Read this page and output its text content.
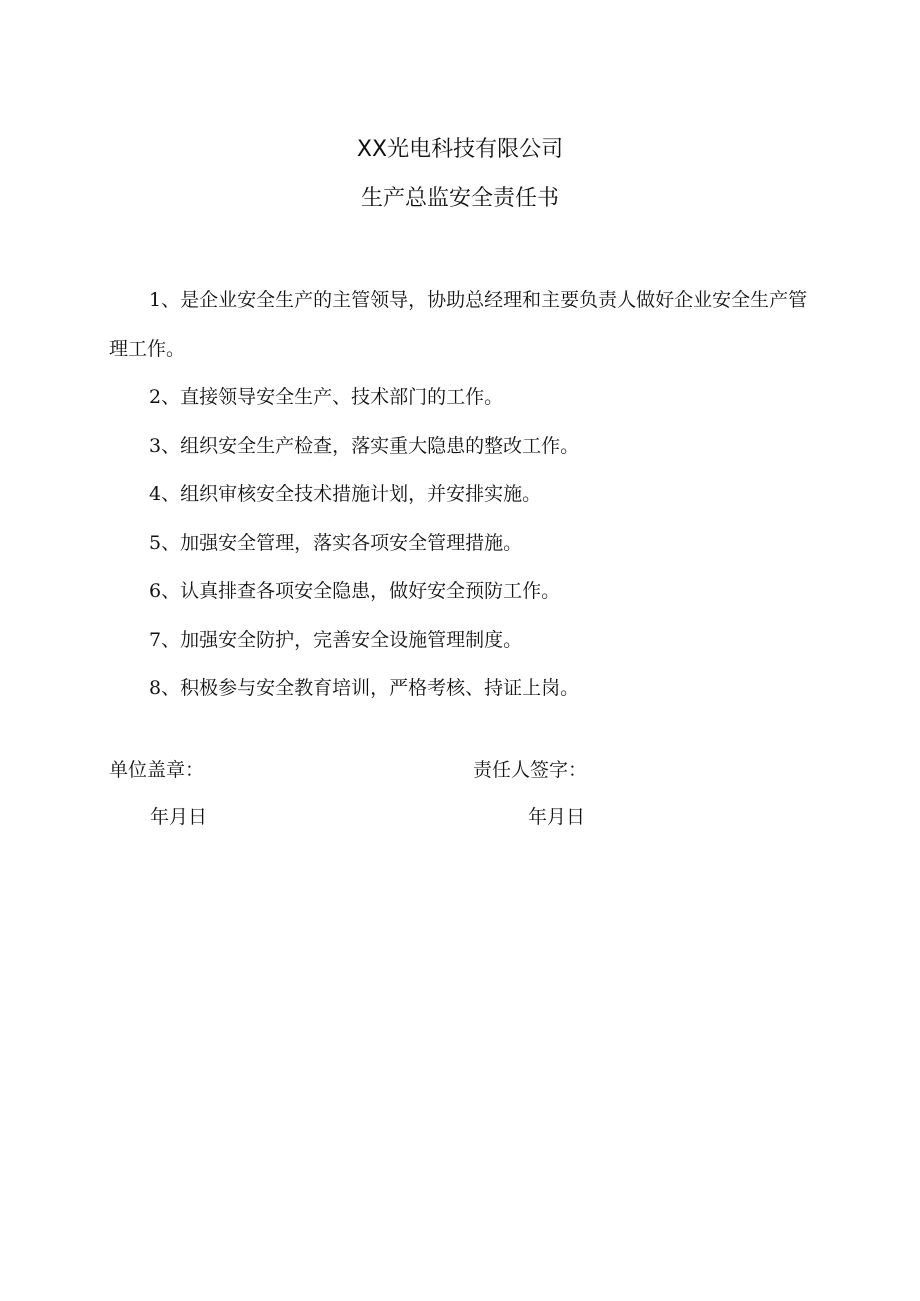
XX光电科技有限公司
生产总监安全责任书

1、是企业安全生产的主管领导，协助总经理和主要负责人做好企业安全生产管理工作。

2、直接领导安全生产、技术部门的工作。

3、组织安全生产检查，落实重大隐患的整改工作。

4、组织审核安全技术措施计划，并安排实施。

5、加强安全管理，落实各项安全管理措施。

6、认真排查各项安全隐患，做好安全预防工作。

7、加强安全防护，完善安全设施管理制度。

8、积极参与安全教育培训，严格考核、持证上岗。

单位盖章：	责任人签字：
年月日	年月日
